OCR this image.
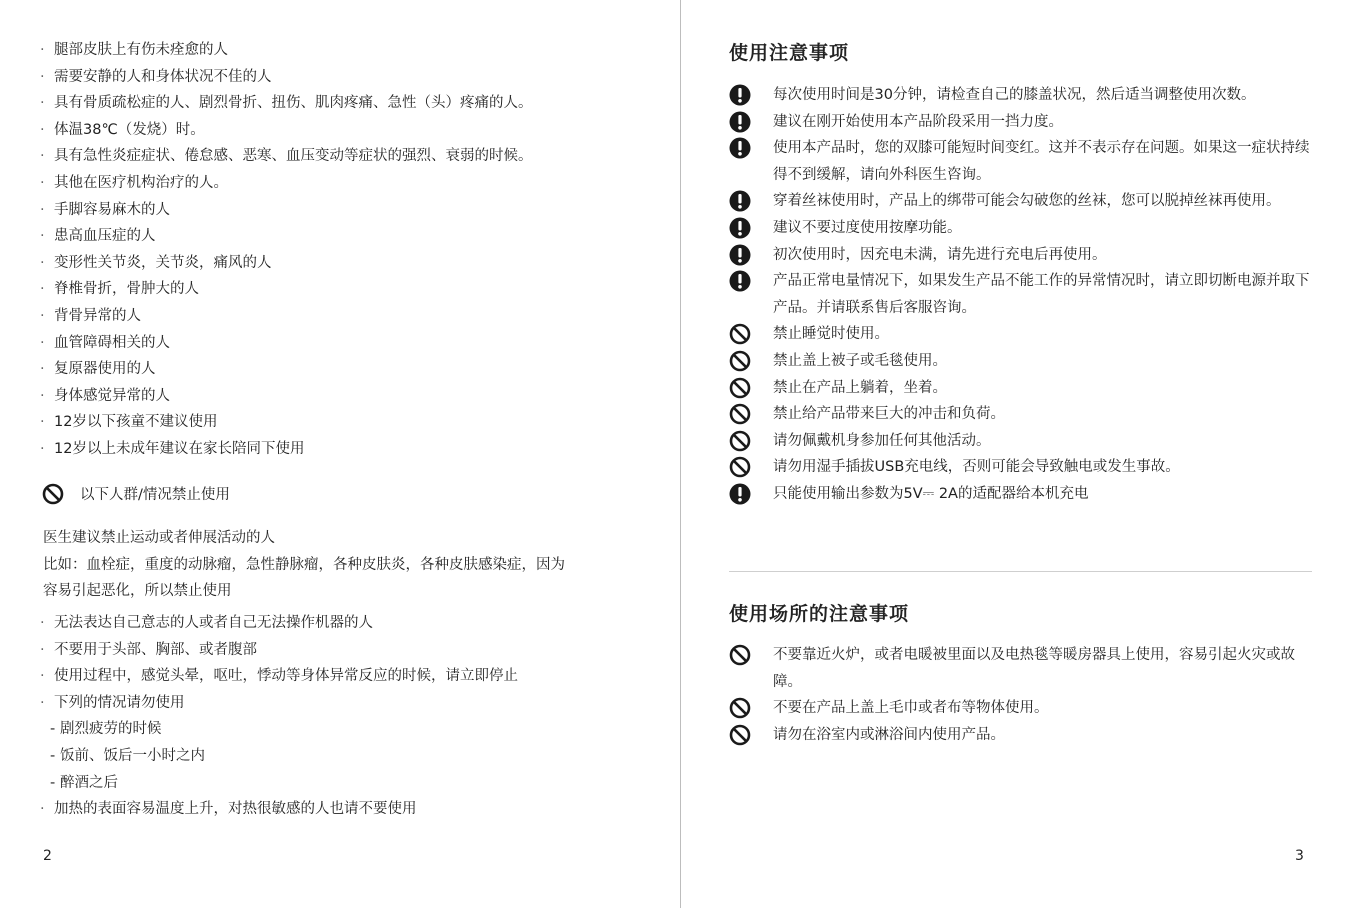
· 腿部皮肤上有伤未痊愈的人
· 需要安静的人和身体状况不佳的人
· 具有骨质疏松症的人、剧烈骨折、扭伤、肌肉疼痛、急性（头）疼痛的人。
· 体温38℃（发烧）时。
· 具有急性炎症症状、倦怠感、恶寒、血压变动等症状的强烈、衰弱的时候。
· 其他在医疗机构治疗的人。
· 手脚容易麻木的人
· 患高血压症的人
· 变形性关节炎，关节炎，痛风的人
· 脊椎骨折，骨肿大的人
· 背骨异常的人
· 血管障碍相关的人
· 复原器使用的人
· 身体感觉异常的人
· 12岁以下孩童不建议使用
· 12岁以上未成年建议在家长陪同下使用
以下人群/情况禁止使用
医生建议禁止运动或者伸展活动的人
比如：血栓症，重度的动脉瘤，急性静脉瘤，各种皮肤炎，各种皮肤感染症，因为
容易引起恶化，所以禁止使用
· 无法表达自己意志的人或者自己无法操作机器的人
· 不要用于头部、胸部、或者腹部
· 使用过程中，感觉头晕，呕吐，悸动等身体异常反应的时候，请立即停止
· 下列的情况请勿使用
- 剧烈疲劳的时候
- 饭前、饭后一小时之内
- 醉酒之后
· 加热的表面容易温度上升，对热很敏感的人也请不要使用
2
使用注意事项
每次使用时间是30分钟，请检查自己的膝盖状况，然后适当调整使用次数。
建议在刚开始使用本产品阶段采用一挡力度。
使用本产品时，您的双膝可能短时间变红。这并不表示存在问题。如果这一症状持续得不到缓解，请向外科医生咨询。
穿着丝袜使用时，产品上的绑带可能会勾破您的丝袜，您可以脱掉丝袜再使用。
建议不要过度使用按摩功能。
初次使用时，因充电未满，请先进行充电后再使用。
产品正常电量情况下，如果发生产品不能工作的异常情况时，请立即切断电源并取下产品。并请联系售后客服咨询。
禁止睡觉时使用。
禁止盖上被子或毛毯使用。
禁止在产品上躺着，坐着。
禁止给产品带来巨大的冲击和负荷。
请勿佩戴机身参加任何其他活动。
请勿用湿手插拔USB充电线，否则可能会导致触电或发生事故。
只能使用输出参数为5V⎓ 2A的适配器给本机充电
使用场所的注意事项
不要靠近火炉，或者电暖被里面以及电热毯等暖房器具上使用，容易引起火灾或故障。
不要在产品上盖上毛巾或者布等物体使用。
请勿在浴室内或淋浴间内使用产品。
3
